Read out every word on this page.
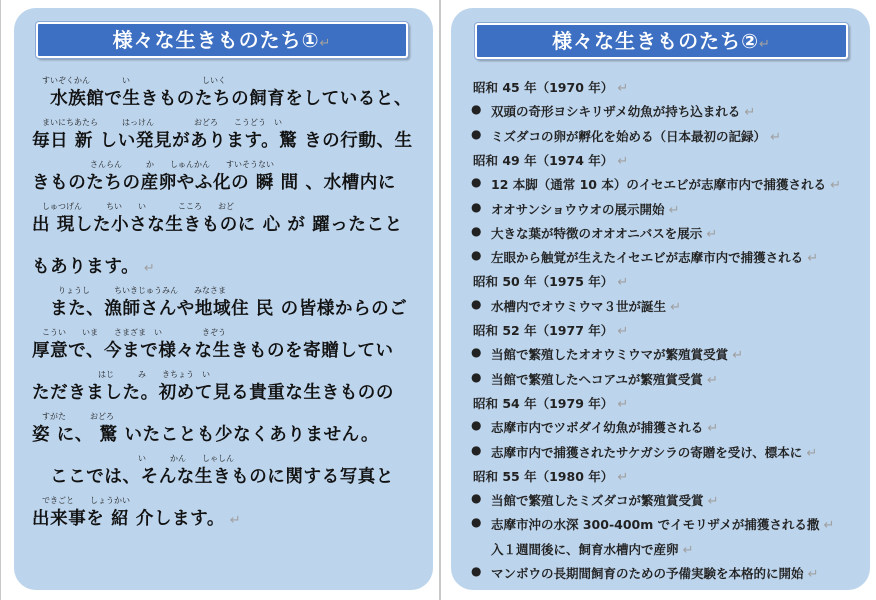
様々な生きものたち①↵
すいぞくかん　　　　い　　　　　　　　　しいく
　水族館で生きものたちの飼育をしていると、
まいにちあたら　　　はっけん　　　　　おどろ　　こうどう　い
毎日 新 しい発見があります。驚 きの行動、生
　　　　　　さんらん　　　か　　しゅんかん　　すいそうない
きものたちの産卵やふ化の 瞬 間 、水槽内に
しゅつげん　　　ちい　　い　　　　こころ　　おど
出 現した小さな生きものに 心 が 躍ったこと
もあります。 ↵
　　りょうし　　　ちいきじゅうみん　　みなさま
　また、漁師さんや地域住 民 の皆様からのご
こうい　　いま　　さまざま　い　　　　　きぞう
厚意で、今まで様々な生きものを寄贈してい
　　　　　　　はじ　　　み　　きちょう　い
ただきました。初めて見る貴重な生きものの
すがた　　　おどろ
姿 に、 驚 いたことも少なくありません。
　　　　　　　　　　　　い　　　かん　　しゃしん
　ここでは、そんな生きものに関する写真と
できごと　　しょうかい
出来事を 紹 介します。 ↵
様々な生きものたち②↵
昭和 45 年（1970 年） ↵
● 双頭の奇形ヨシキリザメ幼魚が持ち込まれる ↵
● ミズダコの卵が孵化を始める（日本最初の記録） ↵
昭和 49 年（1974 年） ↵
● 12 本脚（通常 10 本）のイセエビが志摩市内で捕獲される ↵
● オオサンショウウオの展示開始 ↵
● 大きな葉が特徴のオオオニバスを展示 ↵
● 左眼から触覚が生えたイセエビが志摩市内で捕獲される ↵
昭和 50 年（1975 年） ↵
● 水槽内でオウミウマ３世が誕生 ↵
昭和 52 年（1977 年） ↵
● 当館で繁殖したオオウミウマが繁殖賞受賞 ↵
● 当館で繁殖したヘコアユが繁殖賞受賞 ↵
昭和 54 年（1979 年） ↵
● 志摩市内でツボダイ幼魚が捕獲される ↵
● 志摩市内で捕獲されたサケガシラの寄贈を受け、標本に ↵
昭和 55 年（1980 年） ↵
● 当館で繁殖したミズダコが繁殖賞受賞 ↵
● 志摩市沖の水深 300-400m でイモリザメが捕獲される撒 ↵
入１週間後に、飼育水槽内で産卵 ↵
● マンボウの長期間飼育のための予備実験を本格的に開始 ↵
